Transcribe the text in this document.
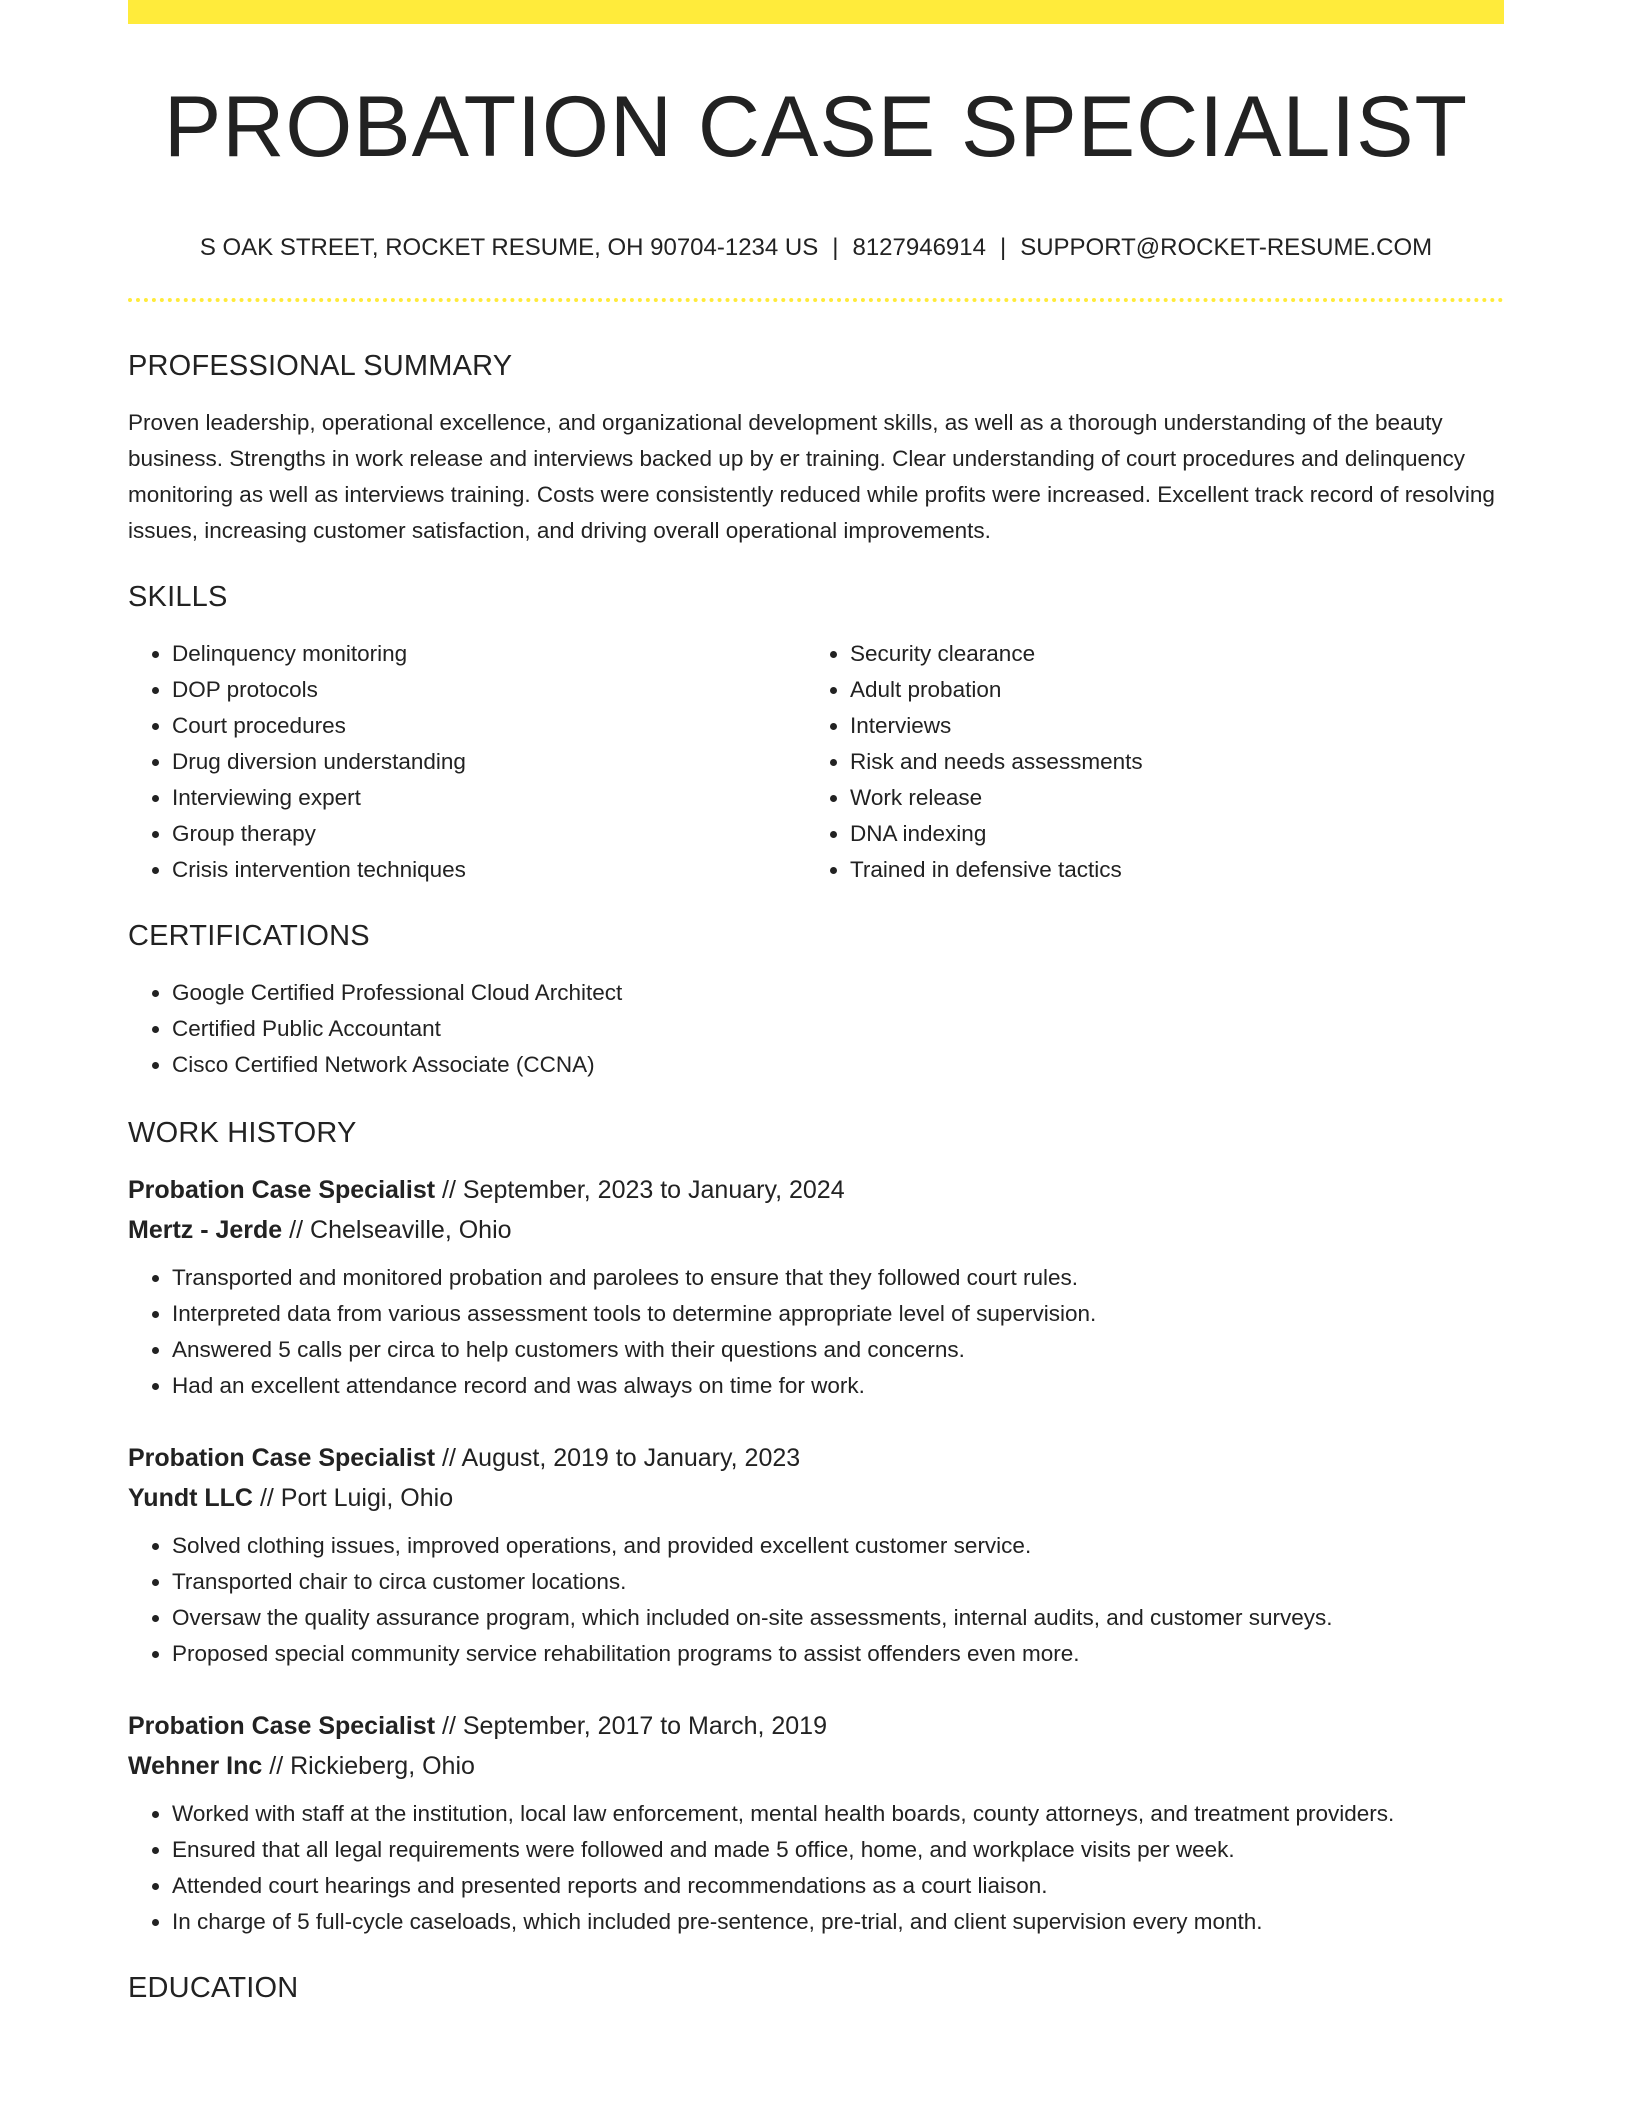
PROBATION CASE SPECIALIST
S OAK STREET, ROCKET RESUME, OH 90704-1234 US | 8127946914 | SUPPORT@ROCKET-RESUME.COM
PROFESSIONAL SUMMARY

Proven leadership, operational excellence, and organizational development skills, as well as a thorough understanding of the beauty business. Strengths in work release and interviews backed up by er training. Clear understanding of court procedures and delinquency monitoring as well as interviews training. Costs were consistently reduced while profits were increased. Excellent track record of resolving issues, increasing customer satisfaction, and driving overall operational improvements.

SKILLS
• Delinquency monitoring
• DOP protocols
• Court procedures
• Drug diversion understanding
• Interviewing expert
• Group therapy
• Crisis intervention techniques
• Security clearance
• Adult probation
• Interviews
• Risk and needs assessments
• Work release
• DNA indexing
• Trained in defensive tactics
CERTIFICATIONS
• Google Certified Professional Cloud Architect
• Certified Public Accountant
• Cisco Certified Network Associate (CCNA)
WORK HISTORY
Probation Case Specialist // September, 2023 to January, 2024
Mertz - Jerde // Chelseaville, Ohio
• Transported and monitored probation and parolees to ensure that they followed court rules.
• Interpreted data from various assessment tools to determine appropriate level of supervision.
• Answered 5 calls per circa to help customers with their questions and concerns.
• Had an excellent attendance record and was always on time for work.
Probation Case Specialist // August, 2019 to January, 2023
Yundt LLC // Port Luigi, Ohio
• Solved clothing issues, improved operations, and provided excellent customer service.
• Transported chair to circa customer locations.
• Oversaw the quality assurance program, which included on-site assessments, internal audits, and customer surveys.
• Proposed special community service rehabilitation programs to assist offenders even more.
Probation Case Specialist // September, 2017 to March, 2019
Wehner Inc // Rickieberg, Ohio
• Worked with staff at the institution, local law enforcement, mental health boards, county attorneys, and treatment providers.
• Ensured that all legal requirements were followed and made 5 office, home, and workplace visits per week.
• Attended court hearings and presented reports and recommendations as a court liaison.
• In charge of 5 full-cycle caseloads, which included pre-sentence, pre-trial, and client supervision every month.
EDUCATION
